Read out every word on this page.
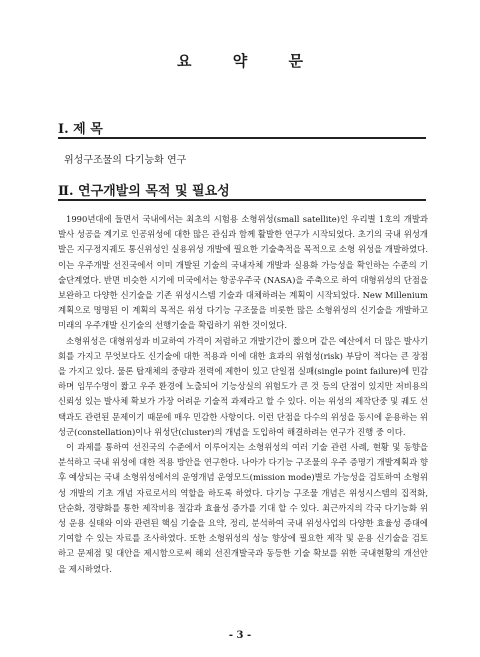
요 약 문
Ⅰ. 제 목
위성구조물의 다기능화 연구
Ⅱ. 연구개발의 목적 및 필요성

1990년대에 들면서 국내에서는 최초의 시험용 소형위성(small satellite)인 우리별 1호의 개발과 발사 성공을 계기로 인공위성에 대한 많은 관심과 함께 활발한 연구가 시작되었다. 초기의 국내 위성개발은 지구정지궤도 통신위성인 실용위성 개발에 필요한 기술축적을 목적으로 소형 위성을 개발하였다. 이는 우주개발 선진국에서 이미 개발된 기술의 국내자체 개발과 실용화 가능성을 확인하는 수준의 기술단계였다. 반면 비슷한 시기에 미국에서는 항공우주국 (NASA)을 주축으로 하여 대형위성의 단점을 보완하고 다양한 신기술을 기존 위성시스템 기술과 대체하려는 계획이 시작되었다. New Millenium 계획으로 명명된 이 계획의 목적은 위성 다기능 구조물을 비롯한 많은 소형위성의 신기술을 개발하고 미래의 우주개발 신기술의 선행기술을 확립하기 위한 것이었다.

소형위성은 대형위성과 비교하여 가격이 저렴하고 개발기간이 짧으며 같은 예산에서 더 많은 발사기회를 가지고 무엇보다도 신기술에 대한 적용과 이에 대한 효과의 위험성(risk) 부담이 적다는 큰 장점을 가지고 있다. 물론 탑재체의 중량과 전력에 제한이 있고 단일점 실패(single point failure)에 민감하며 임무수명이 짧고 우주 환경에 노출되어 기능상실의 위험도가 큰 것 등의 단점이 있지만 저비용의 신뢰성 있는 발사체 확보가 가장 어려운 기술적 과제라고 할 수 있다. 이는 위성의 제작단중 및 궤도 선택과도 관련된 문제이기 때문에 매우 민감한 사항이다. 이런 단점을 다수의 위성을 동시에 운용하는 위성군(constellation)이나 위성단(cluster)의 개념을 도입하여 해결하려는 연구가 진행 중 이다.

이 과제를 통하여 선진국의 수준에서 이루어지는 소형위성의 여러 기술 관련 사례, 현황 및 동향을 분석하고 국내 위성에 대한 적용 방안을 연구한다. 나아가 다기능 구조물의 우주 증명기 개발계획과 향후 예상되는 국내 소형위성에서의 운영개념 운영모드(mission mode)별로 가능성을 검토하여 소형위성 개발의 기초 개념 자료로서의 역할을 하도록 하였다. 다기능 구조물 개념은 위성시스템의 집적화, 단순화, 경량화를 통한 제작비용 절감과 효율성 증가를 기대 할 수 있다. 최근까지의 각국 다기능화 위성 운용 실태와 이와 관련된 핵심 기술을 요약, 정리, 분석하여 국내 위성사업의 다양한 효율성 증대에 기여할 수 있는 자료를 조사하였다. 또한 소형위성의 성능 향상에 필요한 제작 및 운용 신기술을 검토하고 문제점 및 대안을 제시함으로써 해외 선진개발국과 동등한 기술 확보를 위한 국내현황의 개선안을 제시하였다.

- 3 -
